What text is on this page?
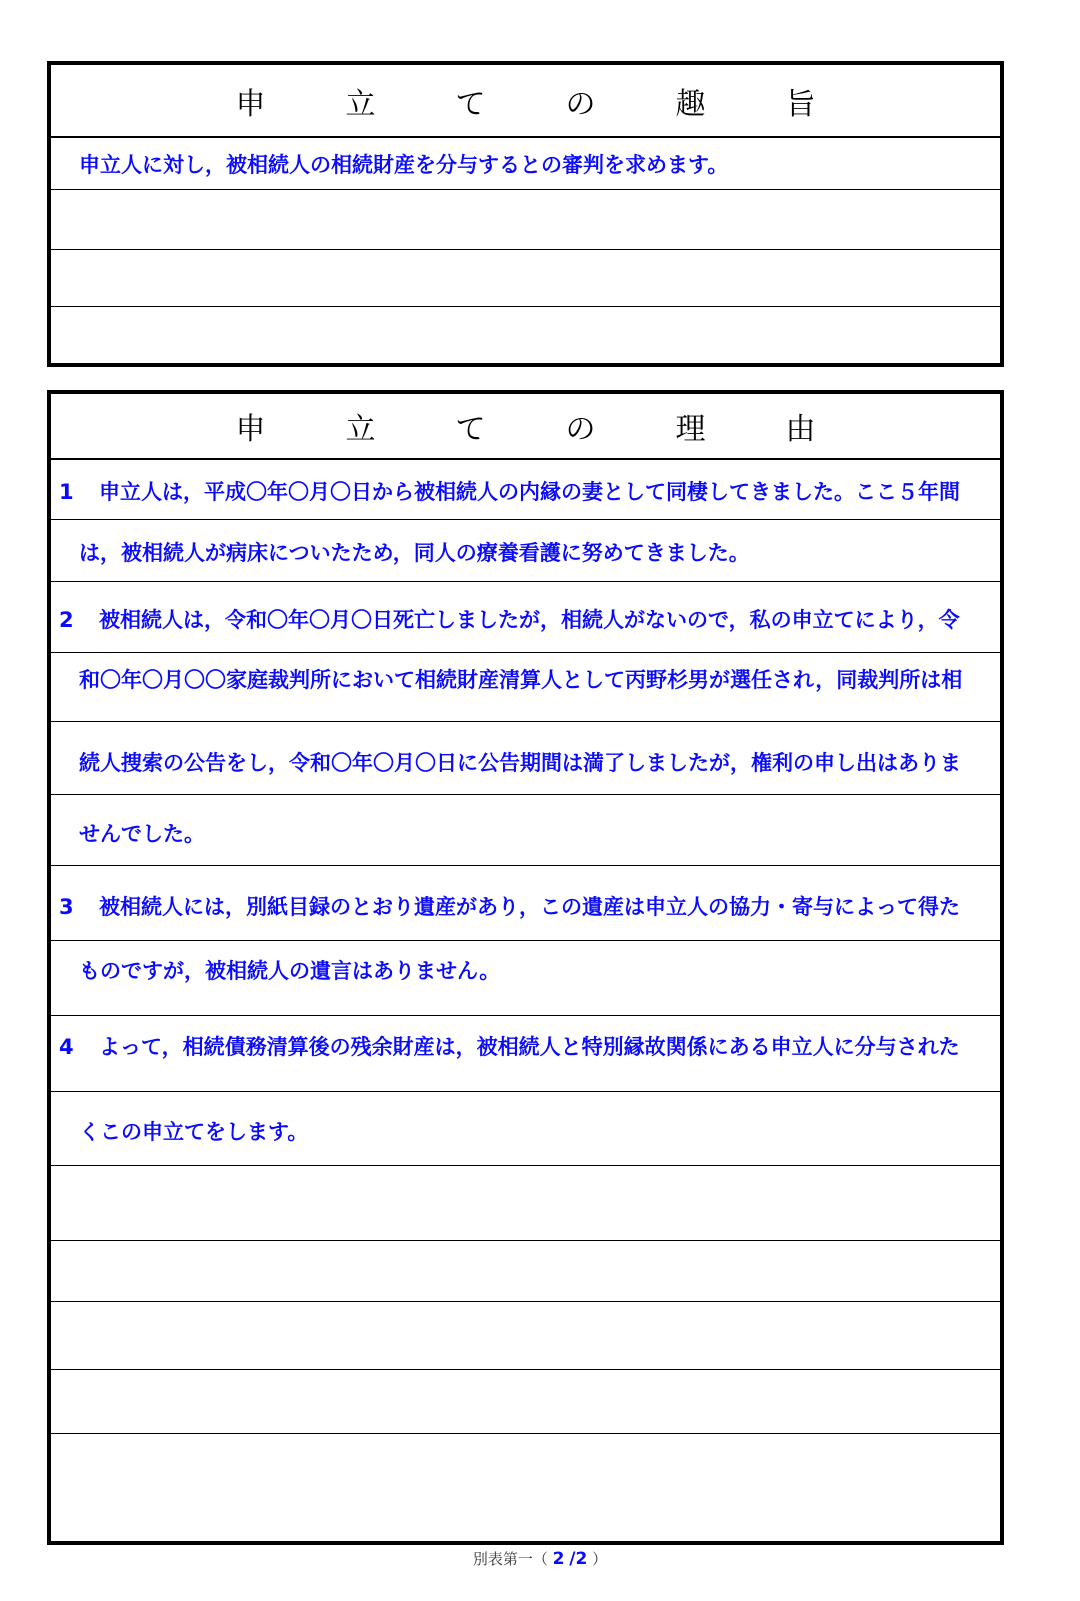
申	立	て	の	趣	旨
申立人に対し，被相続人の相続財産を分与するとの審判を求めます。
申	立	て	の	理	由
1 申立人は，平成〇年〇月〇日から被相続人の内縁の妻として同棲してきました。ここ５年間
は，被相続人が病床についたため，同人の療養看護に努めてきました。
2 被相続人は，令和〇年〇月〇日死亡しましたが，相続人がないので，私の申立てにより，令
和〇年〇月〇〇家庭裁判所において相続財産清算人として丙野杉男が選任され，同裁判所は相
続人捜索の公告をし，令和〇年〇月〇日に公告期間は満了しましたが，権利の申し出はありま
せんでした。
3 被相続人には，別紙目録のとおり遺産があり，この遺産は申立人の協力・寄与によって得た
ものですが，被相続人の遺言はありません。
4 よって，相続債務清算後の残余財産は，被相続人と特別縁故関係にある申立人に分与された
くこの申立てをします。
別表第一（ 2 /2 ）
